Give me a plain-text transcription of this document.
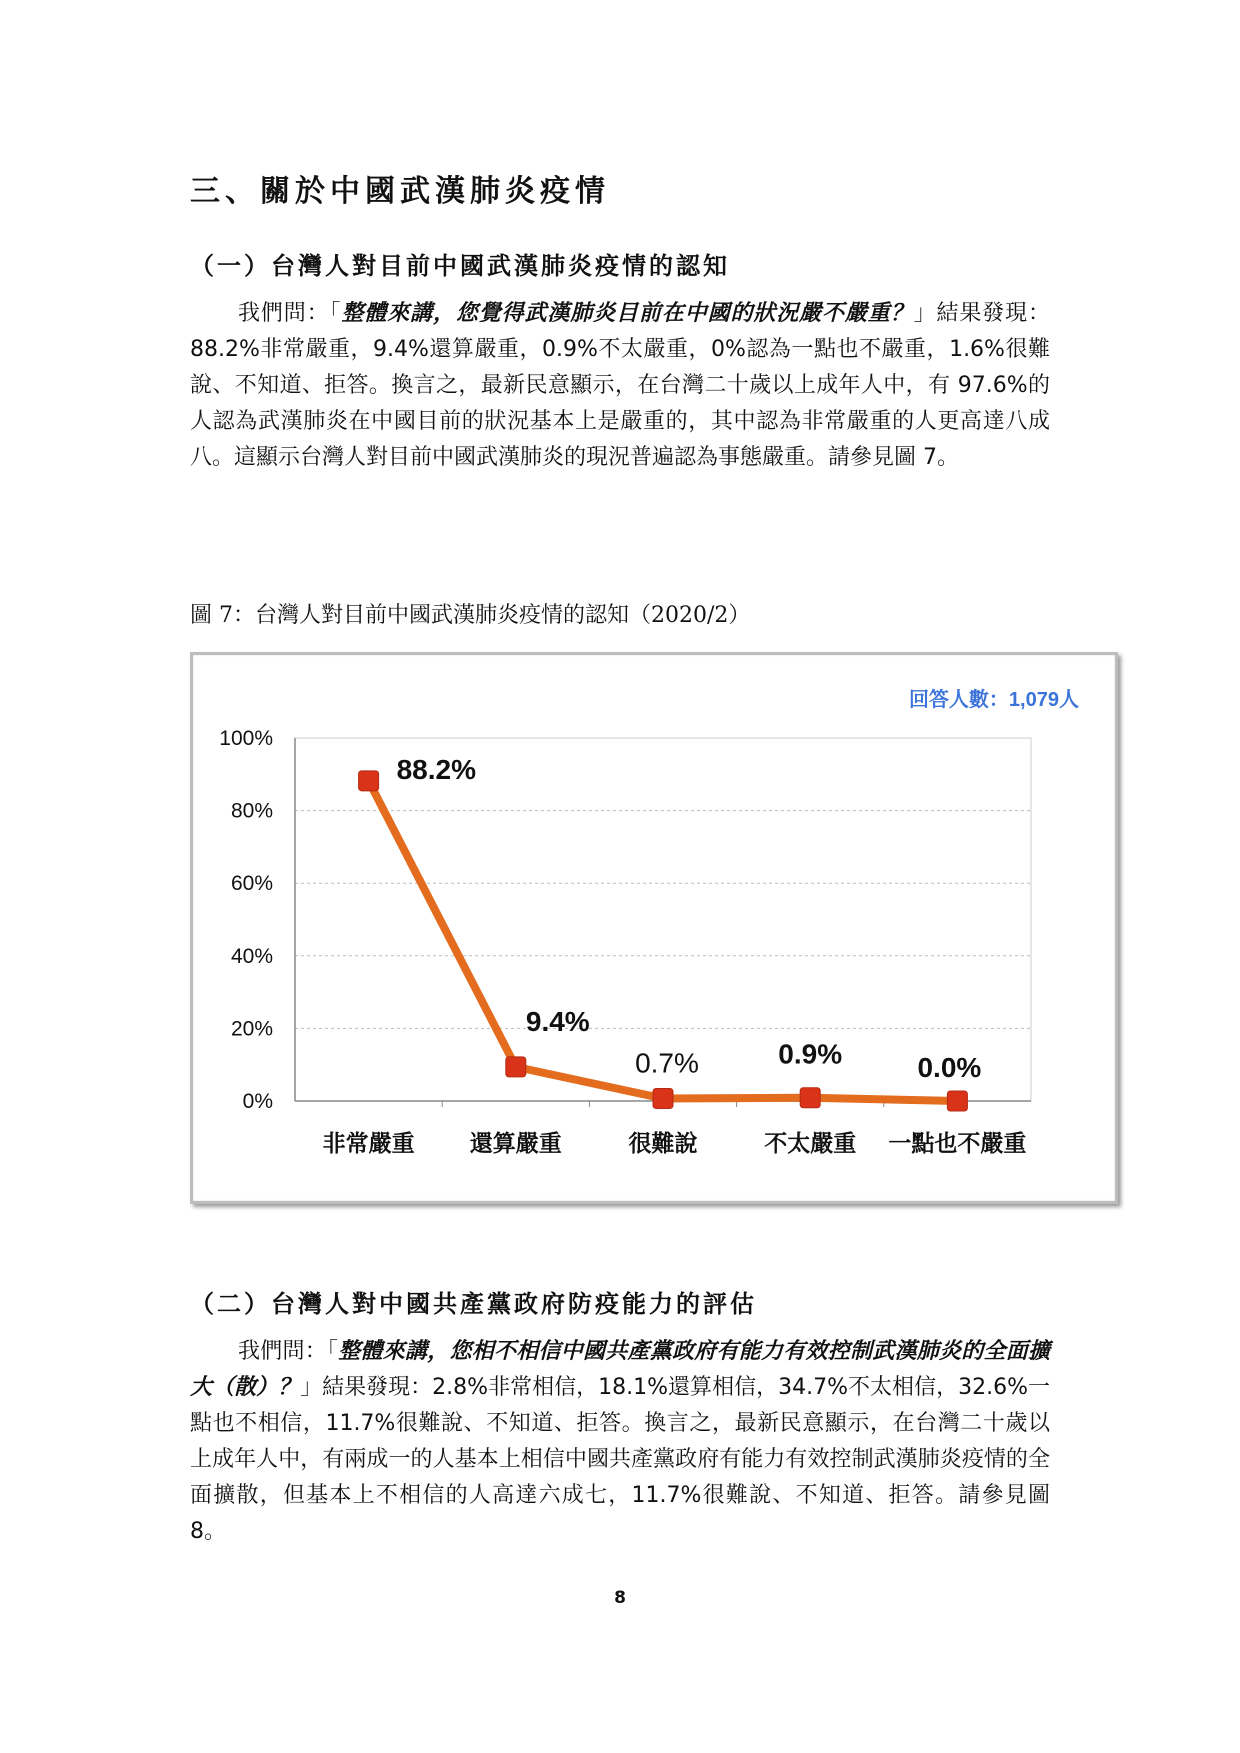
三、關於中國武漢肺炎疫情
（一）台灣人對目前中國武漢肺炎疫情的認知

我們問：「整體來講，您覺得武漢肺炎目前在中國的狀況嚴不嚴重？」結果發現：88.2%非常嚴重，9.4%還算嚴重，0.9%不太嚴重，0%認為一點也不嚴重，1.6%很難說、不知道、拒答。換言之，最新民意顯示，在台灣二十歲以上成年人中，有 97.6%的人認為武漢肺炎在中國目前的狀況基本上是嚴重的，其中認為非常嚴重的人更高達八成八。這顯示台灣人對目前中國武漢肺炎的現況普遍認為事態嚴重。請參見圖 7。

圖 7：台灣人對目前中國武漢肺炎疫情的認知（2020/2）
回答人數：1,079人
0%
20%
40%
60%
80%
100%
88.2%
9.4%
0.7%	0.9%	0.0%
非常嚴重 還算嚴重	很難說	不太嚴重 一點也不嚴重
（二）台灣人對中國共產黨政府防疫能力的評估

我們問：「整體來講，您相不相信中國共產黨政府有能力有效控制武漢肺炎的全面擴大（散）？」結果發現：2.8%非常相信，18.1%還算相信，34.7%不太相信，32.6%一點也不相信，11.7%很難說、不知道、拒答。換言之，最新民意顯示，在台灣二十歲以上成年人中，有兩成一的人基本上相信中國共產黨政府有能力有效控制武漢肺炎疫情的全面擴散，但基本上不相信的人高達六成七，11.7%很難說、不知道、拒答。請參見圖 8。

8
